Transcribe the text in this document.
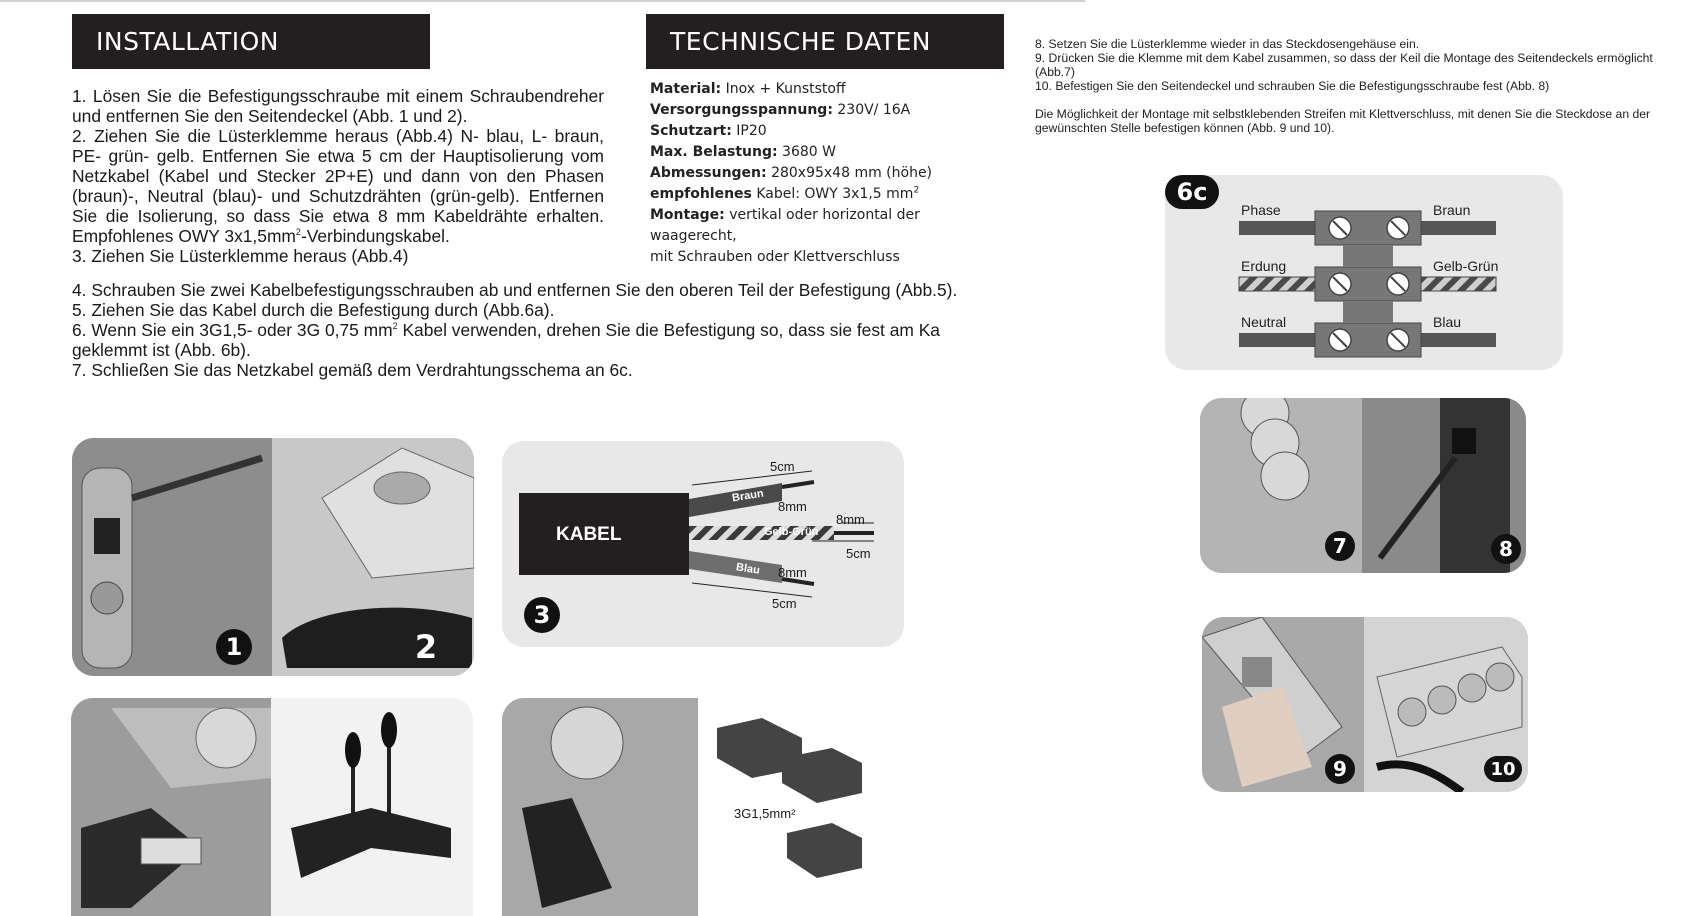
INSTALLATION	TECHNISCHE DATEN

1. Lösen Sie die Befestigungsschraube mit einem Schraubendreher und entfernen Sie den Seitendeckel (Abb. 1 und 2).

2. Ziehen Sie die Lüsterklemme heraus (Abb.4) N- blau, L- braun, PE- grün- gelb. Entfernen Sie etwa 5 cm der Hauptisolierung vom Netzkabel (Kabel und Stecker 2P+E) und dann von den Phasen (braun)-, Neutral (blau)- und Schutzdrähten (grün-gelb). Entfernen Sie die Isolierung, so dass Sie etwa 8 mm Kabeldrähte erhalten. Empfohlenes OWY $3x1,5mm^2$-Verbindungskabel.

3. Ziehen Sie Lüsterklemme heraus (Abb.4)

4. Schrauben Sie zwei Kabelbefestigungsschrauben ab und entfernen Sie den oberen Teil der Befestigung (Abb.5).

5. Ziehen Sie das Kabel durch die Befestigung durch (Abb.6a).

6. Wenn Sie ein 3G1,5- oder 3G 0,75 $mm^2$ Kabel verwenden, drehen Sie die Befestigung so, dass sie fest am Ka geklemmt ist (Abb. 6b).

7. Schließen Sie das Netzkabel gemäß dem Verdrahtungsschema an 6c.

Material: Inox + Kunststoff
Versorgungsspannung: 230V/ 16A
Schutzart: IP20
Max. Belastung: 3680 W
Abmessungen: 280x95x48 mm (höhe)
empfohlenes Kabel: OWY 3x1,5 $mm^2$
Montage: vertikal oder horizontal der waagerecht,
mit Schrauben oder Klettverschluss

8. Setzen Sie die Lüsterklemme wieder in das Steckdosengehäuse ein.

9. Drücken Sie die Klemme mit dem Kabel zusammen, so dass der Keil die Montage des Seitendeckels ermöglicht (Abb.7)

10. Befestigen Sie den Seitendeckel und schrauben Sie die Befestigungsschraube fest (Abb. 8)

Die Möglichkeit der Montage mit selbstklebenden Streifen mit Klettverschluss, mit denen Sie die Steckdose an der gewünschten Stelle befestigen können (Abb. 9 und 10).

6c
Phase	Braun
Erdung	Gelb-Grün
Neutral	Blau
1	2
KABEL
Braun
Gelb-Grün
Blau
5cm
8mm
8mm
5cm
8mm
5cm
3
3G1,5mm²
7	8
9	10
